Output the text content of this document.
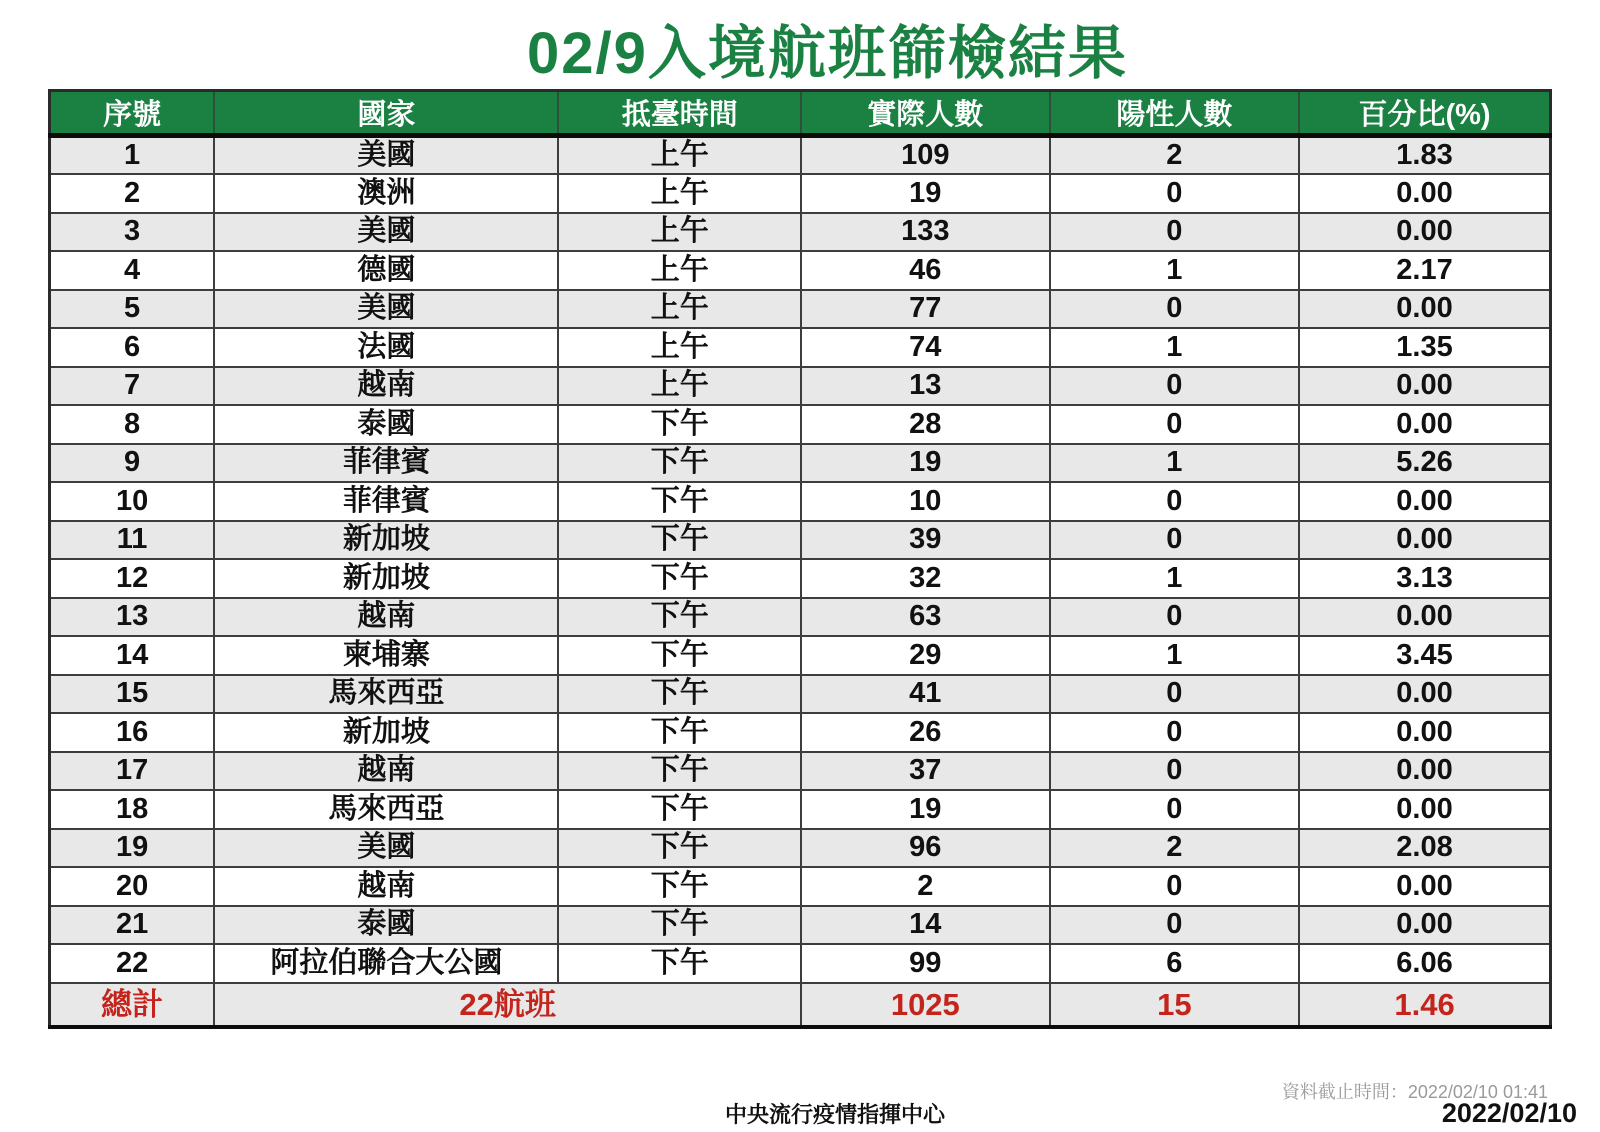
02/9入境航班篩檢結果
序號	國家	抵臺時間	實際人數	陽性人數	百分比(%)
1	美國	上午	109	2	1.83
2	澳洲	上午	19	0	0.00
3	美國	上午	133	0	0.00
4	德國	上午	46	1	2.17
5	美國	上午	77	0	0.00
6	法國	上午	74	1	1.35
7	越南	上午	13	0	0.00
8	泰國	下午	28	0	0.00
9	菲律賓	下午	19	1	5.26
10	菲律賓	下午	10	0	0.00
11	新加坡	下午	39	0	0.00
12	新加坡	下午	32	1	3.13
13	越南	下午	63	0	0.00
14	柬埔寨	下午	29	1	3.45
15	馬來西亞	下午	41	0	0.00
16	新加坡	下午	26	0	0.00
17	越南	下午	37	0	0.00
18	馬來西亞	下午	19	0	0.00
19	美國	下午	96	2	2.08
20	越南	下午	2	0	0.00
21	泰國	下午	14	0	0.00
22	阿拉伯聯合大公國	下午	99	6	6.06
總計	22航班		1025	15	1.46
資料截止時間：2022/02/10 01:41
中央流行疫情指揮中心	2022/02/10
